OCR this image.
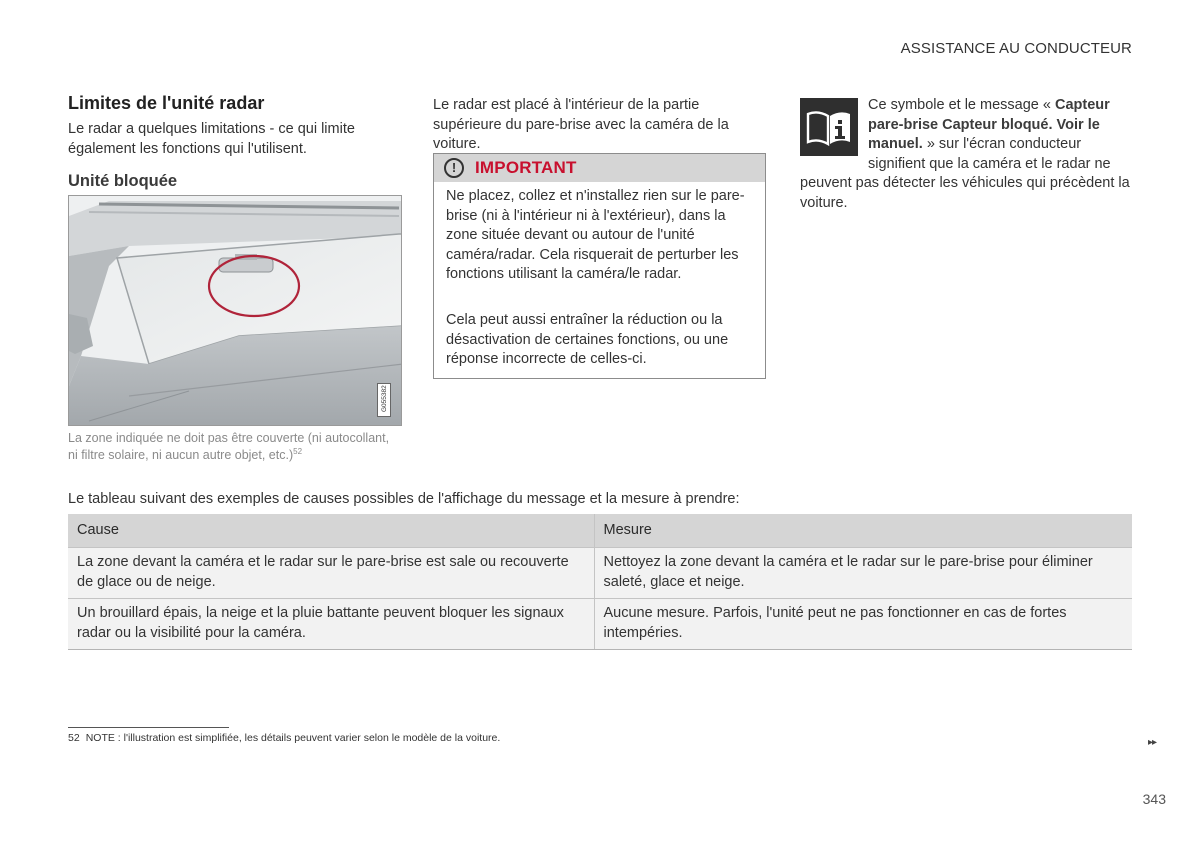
ASSISTANCE AU CONDUCTEUR
Limites de l'unité radar
Le radar a quelques limitations - ce qui limite également les fonctions qui l'utilisent.
Unité bloquée
G055382
La zone indiquée ne doit pas être couverte (ni autocollant, ni filtre solaire, ni aucun autre objet, etc.)$^{52}$
Le radar est placé à l'intérieur de la partie supérieure du pare-brise avec la caméra de la voiture.
!	IMPORTANT
Ne placez, collez et n'installez rien sur le pare-brise (ni à l'intérieur ni à l'extérieur), dans la zone située devant ou autour de l'unité caméra/radar. Cela risquerait de perturber les fonctions utilisant la caméra/le radar.
Cela peut aussi entraîner la réduction ou la désactivation de certaines fonctions, ou une réponse incorrecte de celles-ci.
Ce symbole et le message « Capteur pare-brise Capteur bloqué. Voir le manuel. » sur l'écran conducteur signifient que la caméra et le radar ne
peuvent pas détecter les véhicules qui précèdent la voiture.
Le tableau suivant des exemples de causes possibles de l'affichage du message et la mesure à prendre:
Cause	Mesure
La zone devant la caméra et le radar sur le pare-brise est sale ou recouverte de glace ou de neige.	Nettoyez la zone devant la caméra et le radar sur le pare-brise pour éliminer saleté, glace et neige.
Un brouillard épais, la neige et la pluie battante peuvent bloquer les signaux radar ou la visibilité pour la caméra.	Aucune mesure. Parfois, l'unité peut ne pas fonctionner en cas de fortes intempéries.
52 NOTE : l'illustration est simplifiée, les détails peuvent varier selon le modèle de la voiture.	▸▸
343
